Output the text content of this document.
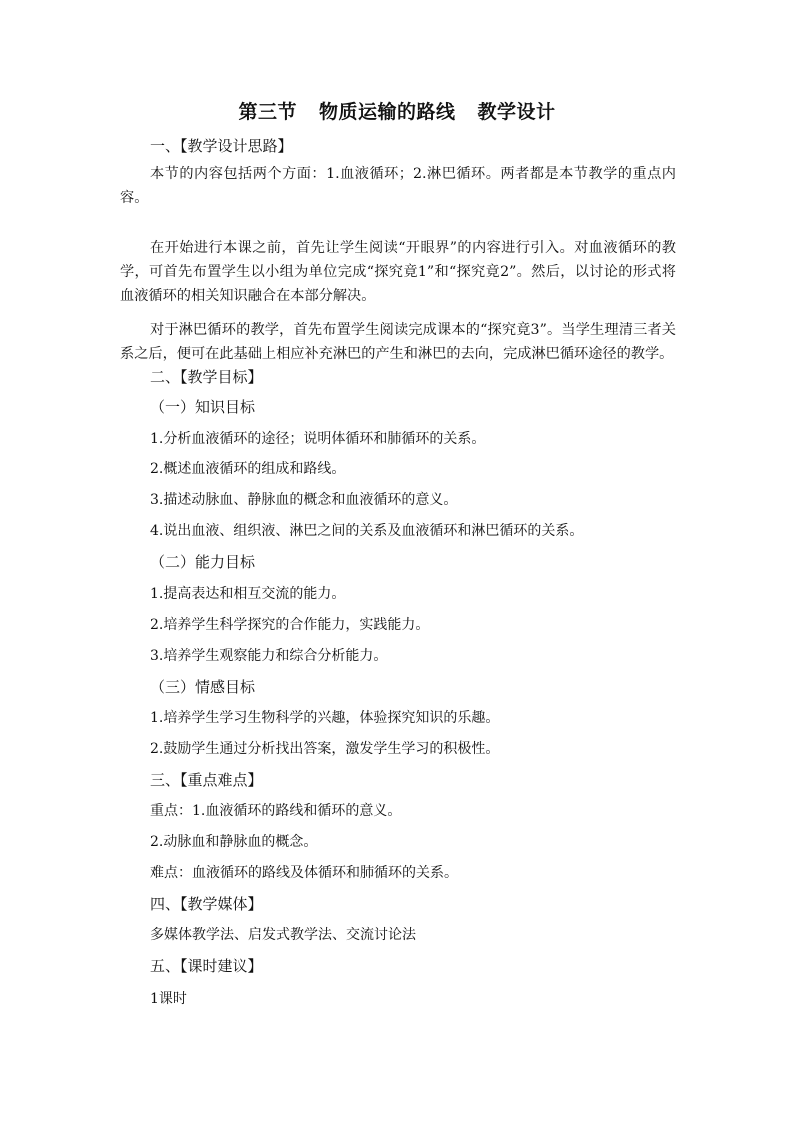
第三节 物质运输的路线 教学设计
一、【教学设计思路】

本节的内容包括两个方面：1.血液循环；2.淋巴循环。两者都是本节教学的重点内容。

在开始进行本课之前，首先让学生阅读“开眼界”的内容进行引入。对血液循环的教学，可首先布置学生以小组为单位完成“探究竟1”和“探究竟2”。然后，以讨论的形式将血液循环的相关知识融合在本部分解决。

对于淋巴循环的教学，首先布置学生阅读完成课本的“探究竟3”。当学生理清三者关系之后，便可在此基础上相应补充淋巴的产生和淋巴的去向，完成淋巴循环途径的教学。

二、【教学目标】
（一）知识目标
1.分析血液循环的途径；说明体循环和肺循环的关系。
2.概述血液循环的组成和路线。
3.描述动脉血、静脉血的概念和血液循环的意义。
4.说出血液、组织液、淋巴之间的关系及血液循环和淋巴循环的关系。
（二）能力目标
1.提高表达和相互交流的能力。
2.培养学生科学探究的合作能力，实践能力。
3.培养学生观察能力和综合分析能力。
（三）情感目标
1.培养学生学习生物科学的兴趣，体验探究知识的乐趣。
2.鼓励学生通过分析找出答案，激发学生学习的积极性。
三、【重点难点】
重点：1.血液循环的路线和循环的意义。
2.动脉血和静脉血的概念。
难点：血液循环的路线及体循环和肺循环的关系。
四、【教学媒体】
多媒体教学法、启发式教学法、交流讨论法
五、【课时建议】
1课时
